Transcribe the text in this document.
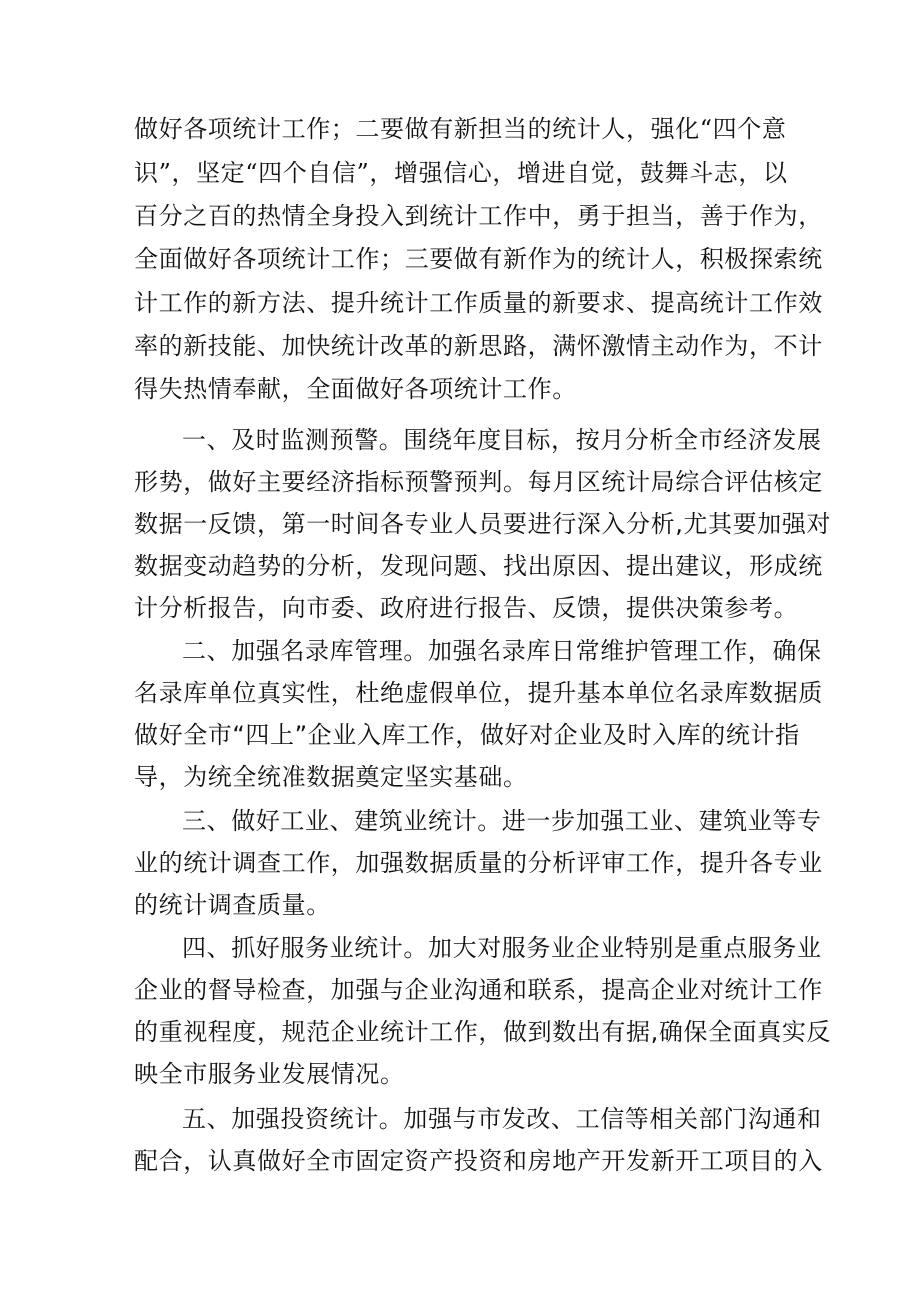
做好各项统计工作；二要做有新担当的统计人，强化“四个意

识”，坚定“四个自信”，增强信心，增进自觉，鼓舞斗志，以

百分之百的热情全身投入到统计工作中，勇于担当，善于作为，

全面做好各项统计工作；三要做有新作为的统计人，积极探索统

计工作的新方法、提升统计工作质量的新要求、提高统计工作效

率的新技能、加快统计改革的新思路，满怀激情主动作为，不计

得失热情奉献，全面做好各项统计工作。

一、及时监测预警。围绕年度目标，按月分析全市经济发展

形势，做好主要经济指标预警预判。每月区统计局综合评估核定

数据一反馈，第一时间各专业人员要进行深入分析,尤其要加强对

数据变动趋势的分析，发现问题、找出原因、提出建议，形成统

计分析报告，向市委、政府进行报告、反馈，提供决策参考。

二、加强名录库管理。加强名录库日常维护管理工作，确保

名录库单位真实性，杜绝虚假单位，提升基本单位名录库数据质

做好全市“四上”企业入库工作，做好对企业及时入库的统计指

导，为统全统准数据奠定坚实基础。

三、做好工业、建筑业统计。进一步加强工业、建筑业等专

业的统计调查工作，加强数据质量的分析评审工作，提升各专业

的统计调查质量。

四、抓好服务业统计。加大对服务业企业特别是重点服务业

企业的督导检查，加强与企业沟通和联系，提高企业对统计工作

的重视程度，规范企业统计工作，做到数出有据,确保全面真实反

映全市服务业发展情况。

五、加强投资统计。加强与市发改、工信等相关部门沟通和

配合，认真做好全市固定资产投资和房地产开发新开工项目的入
